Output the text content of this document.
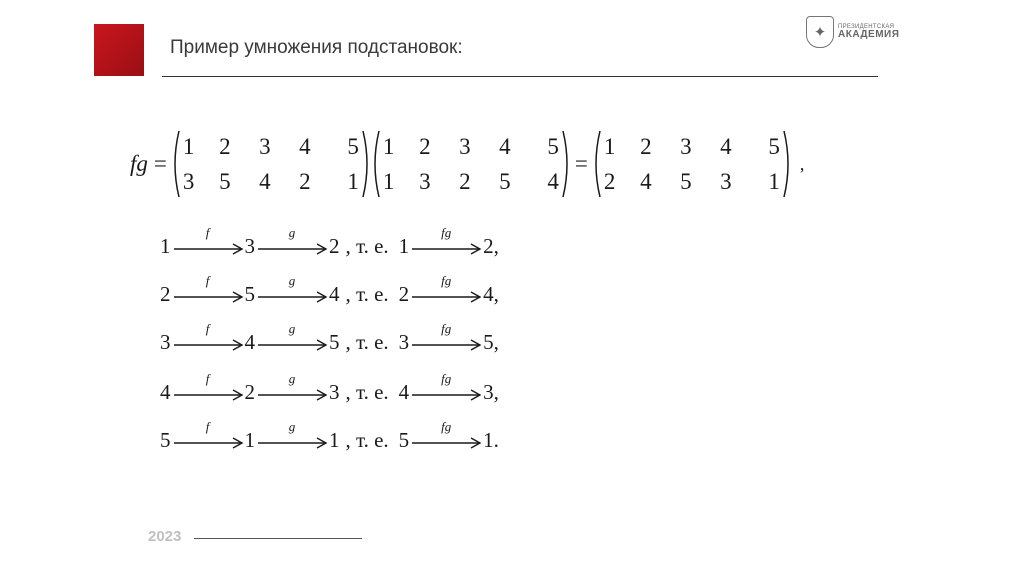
Пример умножения подстановок:
✦	ПРЕЗИДЕНТСКАЯ
АКАДЕМИЯ
fg =
1	2	3	4	5
3	5	4	2	1
1	2	3	4	5
1	3	2	5	4
=
1	2	3	4	5
2	4	5	3	1
,
1
f
3
g
2 , т. е. 1
fg
2 ,
2
f
5
g
4 , т. е. 2
fg
4 ,
3
f
4
g
5 , т. е. 3
fg
5 ,
4
f
2
g
3 , т. е. 4
fg
3 ,
5
f
1
g
1 , т. е. 5
fg
1 .
2023
